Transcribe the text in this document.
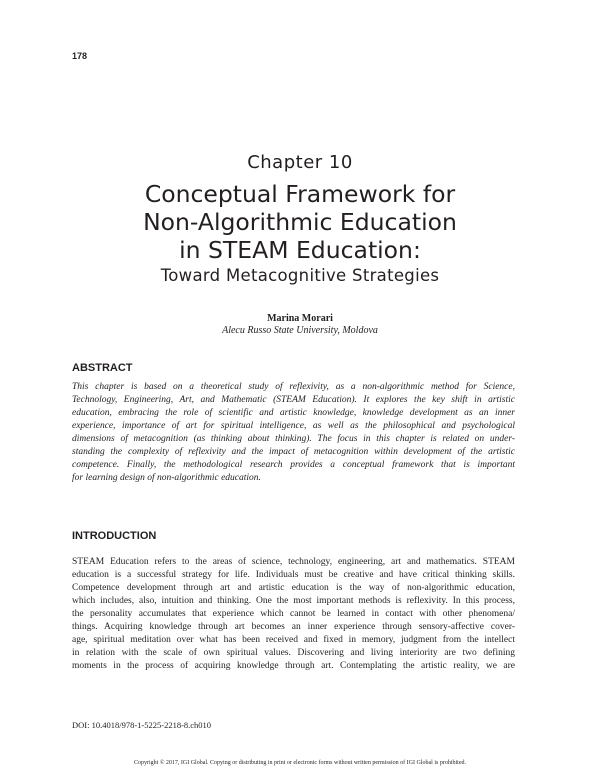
178
Chapter 10
Conceptual Framework for
Non-Algorithmic Education
in STEAM Education:
Toward Metacognitive Strategies
Marina Morari
Alecu Russo State University, Moldova
ABSTRACT
This chapter is based on a theoretical study of reflexivity, as a non-algorithmic method for Science,
Technology, Engineering, Art, and Mathematic (STEAM Education). It explores the key shift in artistic
education, embracing the role of scientific and artistic knowledge, knowledge development as an inner
experience, importance of art for spiritual intelligence, as well as the philosophical and psychological
dimensions of metacognition (as thinking about thinking). The focus in this chapter is related on under-
standing the complexity of reflexivity and the impact of metacognition within development of the artistic
competence. Finally, the methodological research provides a conceptual framework that is important
for learning design of non-algorithmic education.
INTRODUCTION
STEAM Education refers to the areas of science, technology, engineering, art and mathematics. STEAM
education is a successful strategy for life. Individuals must be creative and have critical thinking skills.
Competence development through art and artistic education is the way of non-algorithmic education,
which includes, also, intuition and thinking. One the most important methods is reflexivity. In this process,
the personality accumulates that experience which cannot be learned in contact with other phenomena/
things. Acquiring knowledge through art becomes an inner experience through sensory-affective cover-
age, spiritual meditation over what has been received and fixed in memory, judgment from the intellect
in relation with the scale of own spiritual values. Discovering and living interiority are two defining
moments in the process of acquiring knowledge through art. Contemplating the artistic reality, we are
DOI: 10.4018/978-1-5225-2218-8.ch010
Copyright © 2017, IGI Global. Copying or distributing in print or electronic forms without written permission of IGI Global is prohibited.
